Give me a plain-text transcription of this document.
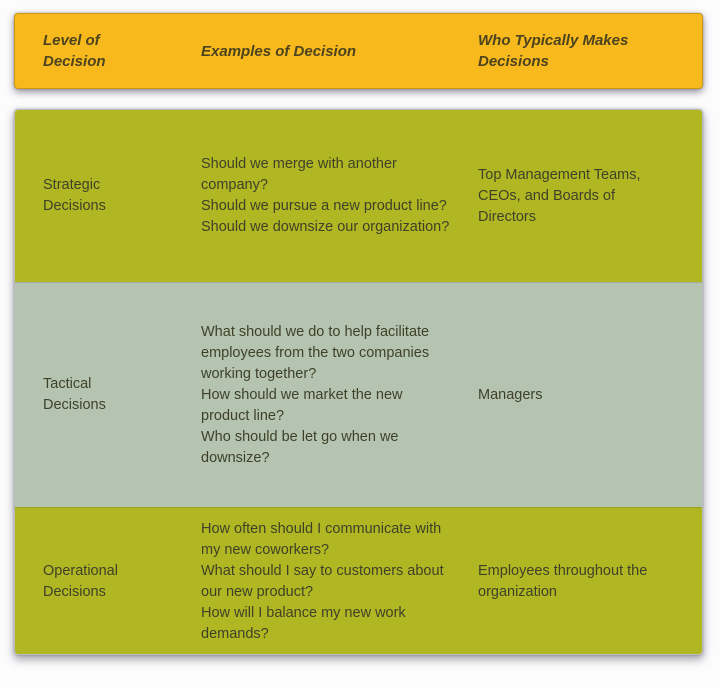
Level of Decision
Examples of Decision
Who Typically Makes Decisions
Strategic Decisions

Should we merge with another company?

Should we pursue a new product line?

Should we downsize our organization?

Top Management Teams, CEOs, and Boards of Directors
Tactical Decisions

What should we do to help facilitate employees from the two companies working together?

How should we market the new product line?

Who should be let go when we downsize?

Managers
Operational Decisions

How often should I communicate with my new coworkers?

What should I say to customers about our new product?

How will I balance my new work demands?

Employees throughout the organization
